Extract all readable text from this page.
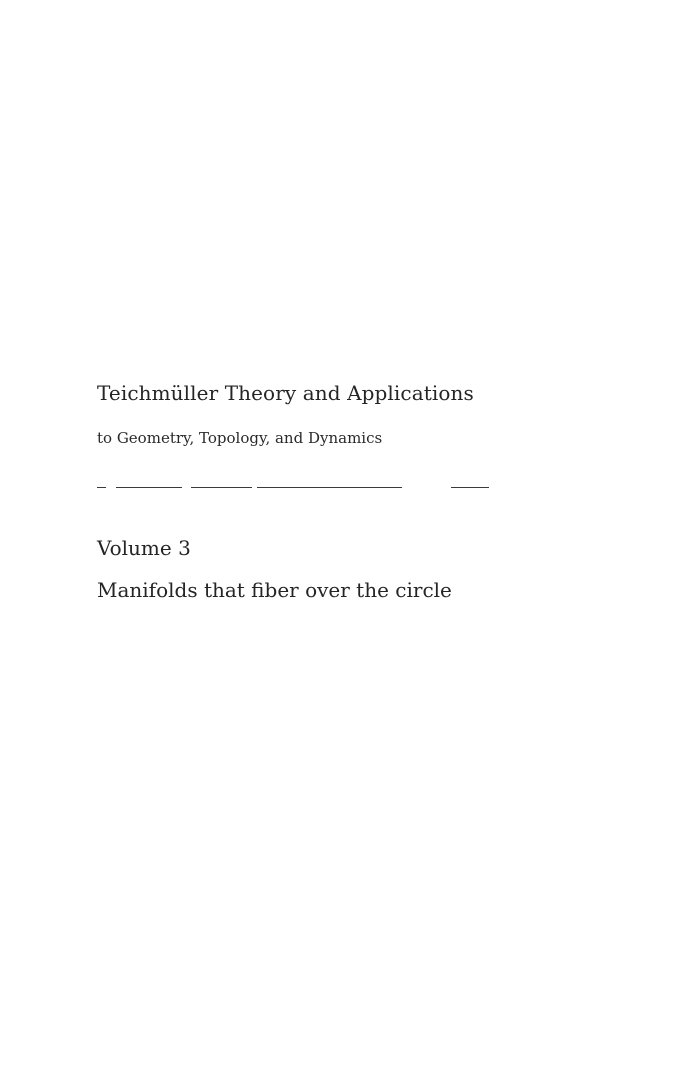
Teichmüller Theory and Applications
to Geometry, Topology, and Dynamics
Volume 3
Manifolds that fiber over the circle
